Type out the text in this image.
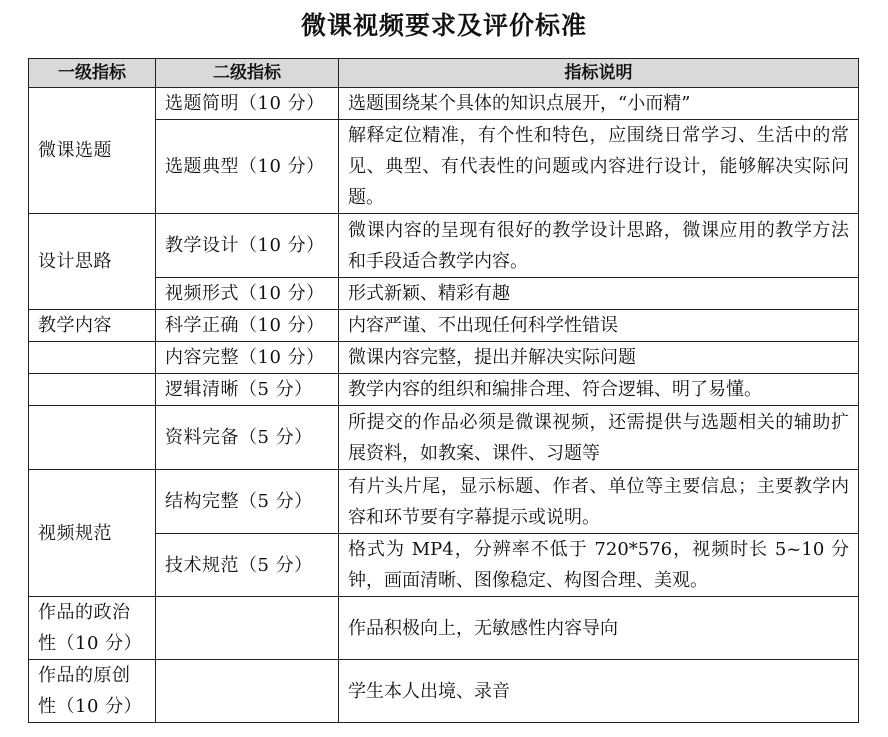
微课视频要求及评价标准
一级指标	二级指标	指标说明
微课选题	选题简明（10 分）	选题围绕某个具体的知识点展开，“小而精”
	选题典型（10 分）	解释定位精准，有个性和特色，应围绕日常学习、生活中的常见、典型、有代表性的问题或内容进行设计，能够解决实际问题。
设计思路	教学设计（10 分）	微课内容的呈现有很好的教学设计思路，微课应用的教学方法和手段适合教学内容。
	视频形式（10 分）	形式新颖、精彩有趣
教学内容	科学正确（10 分）	内容严谨、不出现任何科学性错误
	内容完整（10 分）	微课内容完整，提出并解决实际问题
	逻辑清晰（5 分）	教学内容的组织和编排合理、符合逻辑、明了易懂。
	资料完备（5 分）	所提交的作品必须是微课视频，还需提供与选题相关的辅助扩展资料，如教案、课件、习题等
视频规范	结构完整（5 分）	有片头片尾，显示标题、作者、单位等主要信息；主要教学内容和环节要有字幕提示或说明。
	技术规范（5 分）	格式为 MP4，分辨率不低于 720*576，视频时长 5~10 分钟，画面清晰、图像稳定、构图合理、美观。
作品的政治性（10 分）		作品积极向上，无敏感性内容导向
作品的原创性（10 分）		学生本人出境、录音
